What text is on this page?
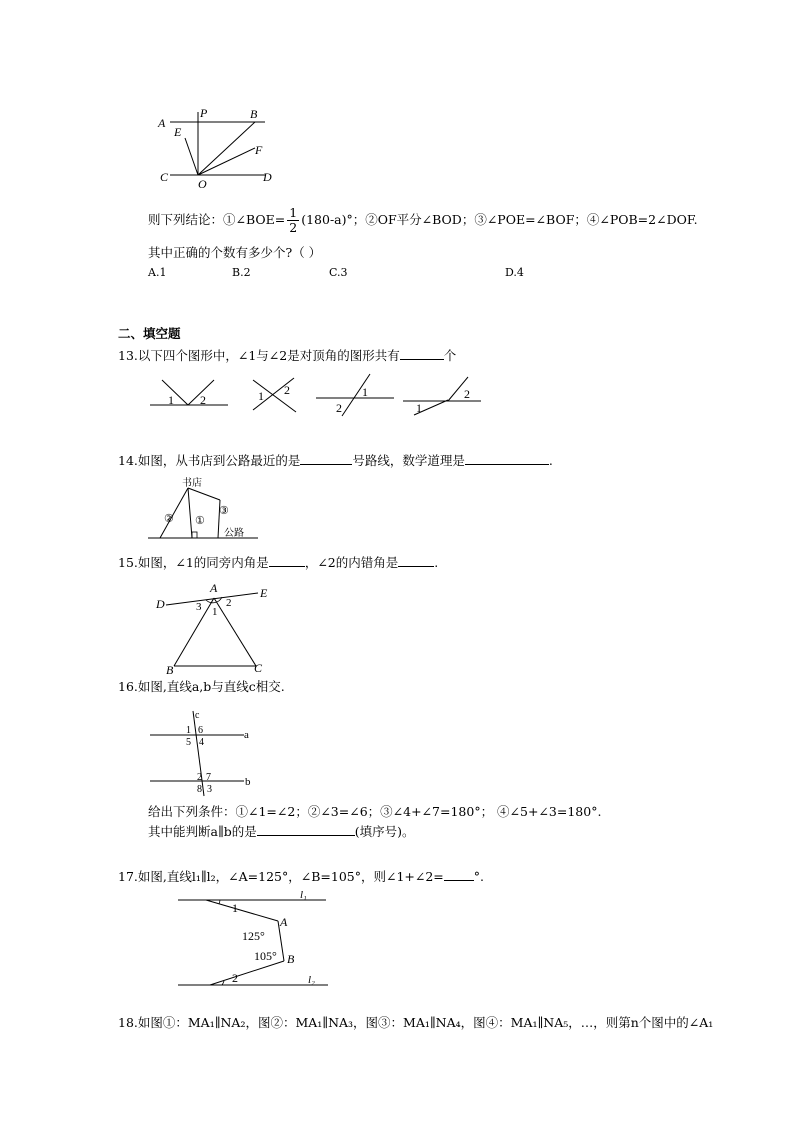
A
P	B
E
F
C O	D
则下列结论：①∠BOE= $\frac{1}{2} (180-a)^\circ$；②OF平分∠BOD；③∠POE=∠BOF；④∠POB=2∠DOF.
其中正确的个数有多少个?（ ）
A.1	B.2	C.3	D.4
二、填空题
13.以下四个图形中，∠1与∠2是对顶角的图形共有	个
1 2	1 2	1
2	1
2
14.如图，从书店到公路最近的是	号路线，数学道理是	.
书店
② ①
③
公路
15.如图，∠1的同旁内角是	，∠2的内错角是	.
D
A	E
B	C
3 1
2
16.如图,直线a,b与直线c相交.
c
a
b
1 6
5 4
2 7
8 3
给出下列条件：①∠1=∠2；②∠3=∠6；③∠4+∠7=180°； ④∠5+∠3=180°.
其中能判断a∥b的是	(填序号)。
17.如图,直线l₁∥l₂，∠A=125°，∠B=105°，则∠1+∠2= °.
l₁
l₂
1
2
A
B
125°
105°
18.如图①：MA₁∥NA₂，图②：MA₁∥NA₃，图③：MA₁∥NA₄，图④：MA₁∥NA₅，…，则第n个图中的∠A₁
